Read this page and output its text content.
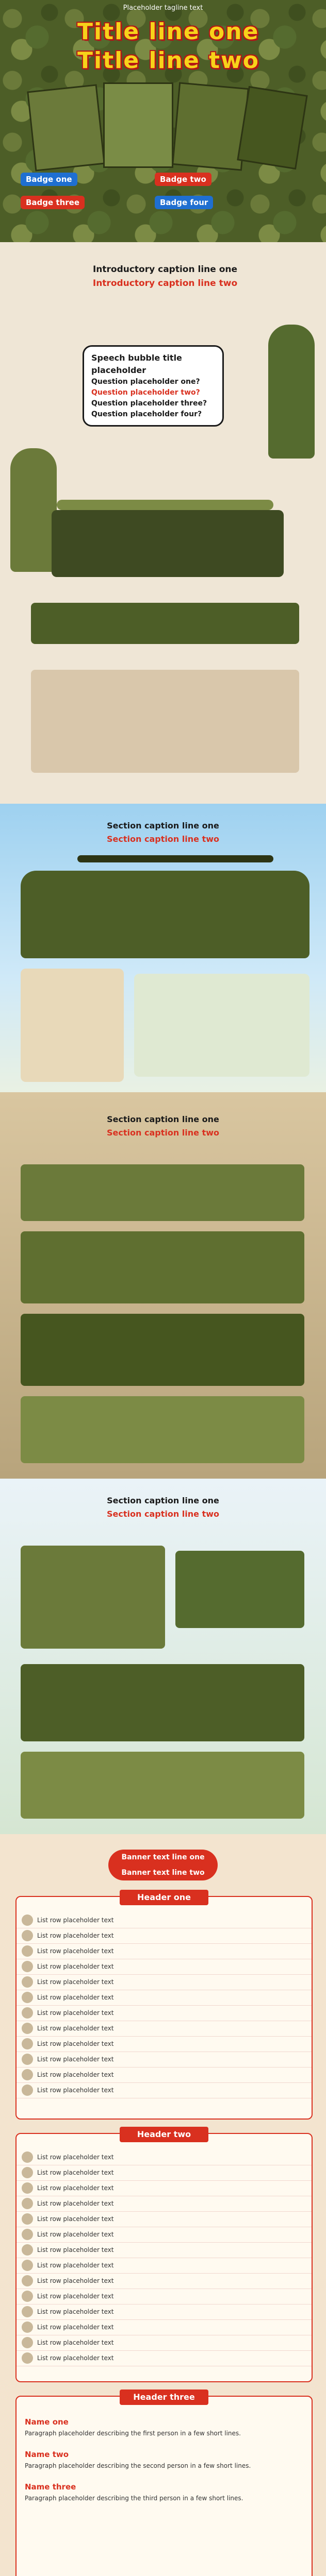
Placeholder tagline text
Title line one
Title line two
Badge one	Badge two
Badge three	Badge four
Introductory caption line one
Introductory caption line two
Speech bubble title placeholder
Question placeholder one?
Question placeholder two?
Question placeholder three?
Question placeholder four?
Section caption line one
Section caption line two
Section caption line one
Section caption line two
Section caption line one
Section caption line two
Banner text line one
Banner text line two
Header one
List row placeholder text
List row placeholder text
List row placeholder text
List row placeholder text
List row placeholder text
List row placeholder text
List row placeholder text
List row placeholder text
List row placeholder text
List row placeholder text
List row placeholder text
List row placeholder text
Header two
List row placeholder text
List row placeholder text
List row placeholder text
List row placeholder text
List row placeholder text
List row placeholder text
List row placeholder text
List row placeholder text
List row placeholder text
List row placeholder text
List row placeholder text
List row placeholder text
List row placeholder text
List row placeholder text
Header three
Name one
Paragraph placeholder describing the first person in a few short lines.
Name two
Paragraph placeholder describing the second person in a few short lines.
Name three
Paragraph placeholder describing the third person in a few short lines.
